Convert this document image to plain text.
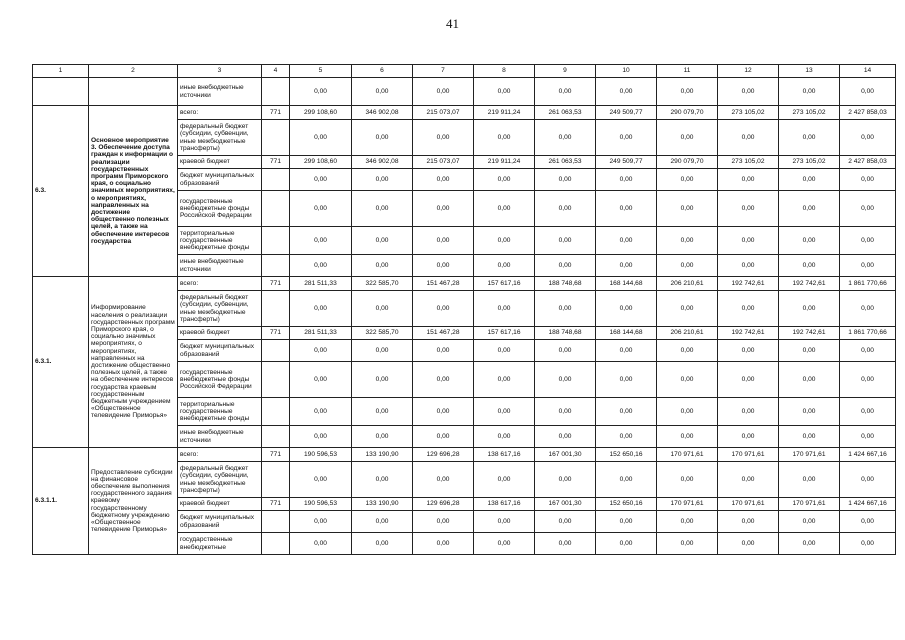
41
1	2	3	4	5	6	7	8	9	10	11	12	13	14
		иные внебюджетные источники		0,00	0,00	0,00	0,00	0,00	0,00	0,00	0,00	0,00	0,00
6.3.	Основное мероприятие 3. Обеспечение доступа граждан к информации о реализации государственных программ Приморского края, о социально значимых мероприятиях, о мероприятиях, направленных на достижение общественно полезных целей, а также на обеспечение интересов государства	всего:	771	299 108,60	346 902,08	215 073,07	219 911,24	261 063,53	249 509,77	290 079,70	273 105,02	273 105,02	2 427 858,03
		федеральный бюджет (субсидии, субвенции, иные межбюджетные трансферты)		0,00	0,00	0,00	0,00	0,00	0,00	0,00	0,00	0,00	0,00
		краевой бюджет	771	299 108,60	346 902,08	215 073,07	219 911,24	261 063,53	249 509,77	290 079,70	273 105,02	273 105,02	2 427 858,03
		бюджет муниципальных образований		0,00	0,00	0,00	0,00	0,00	0,00	0,00	0,00	0,00	0,00
		государственные внебюджетные фонды Российской Федерации		0,00	0,00	0,00	0,00	0,00	0,00	0,00	0,00	0,00	0,00
		территориальные государственные внебюджетные фонды		0,00	0,00	0,00	0,00	0,00	0,00	0,00	0,00	0,00	0,00
		иные внебюджетные источники		0,00	0,00	0,00	0,00	0,00	0,00	0,00	0,00	0,00	0,00
6.3.1.	Информирование населения о реализации государственных программ Приморского края, о социально значимых мероприятиях, о мероприятиях, направленных на достижение общественно полезных целей, а также на обеспечение интересов государства краевым государственным бюджетным учреждением «Общественное телевидение Приморья»	всего:	771	281 511,33	322 585,70	151 467,28	157 617,16	188 748,68	168 144,68	206 210,61	192 742,61	192 742,61	1 861 770,66
		федеральный бюджет (субсидии, субвенции, иные межбюджетные трансферты)		0,00	0,00	0,00	0,00	0,00	0,00	0,00	0,00	0,00	0,00
		краевой бюджет	771	281 511,33	322 585,70	151 467,28	157 617,16	188 748,68	168 144,68	206 210,61	192 742,61	192 742,61	1 861 770,66
		бюджет муниципальных образований		0,00	0,00	0,00	0,00	0,00	0,00	0,00	0,00	0,00	0,00
		государственные внебюджетные фонды Российской Федерации		0,00	0,00	0,00	0,00	0,00	0,00	0,00	0,00	0,00	0,00
		территориальные государственные внебюджетные фонды		0,00	0,00	0,00	0,00	0,00	0,00	0,00	0,00	0,00	0,00
		иные внебюджетные источники		0,00	0,00	0,00	0,00	0,00	0,00	0,00	0,00	0,00	0,00
6.3.1.1.	Предоставление субсидии на финансовое обеспечение выполнения государственного задания краевому государственному бюджетному учреждению «Общественное телевидение Приморья»	всего:	771	190 596,53	133 190,90	129 696,28	138 617,16	167 001,30	152 650,16	170 971,61	170 971,61	170 971,61	1 424 667,16
		федеральный бюджет (субсидии, субвенции, иные межбюджетные трансферты)		0,00	0,00	0,00	0,00	0,00	0,00	0,00	0,00	0,00	0,00
		краевой бюджет	771	190 596,53	133 190,90	129 696,28	138 617,16	167 001,30	152 650,16	170 971,61	170 971,61	170 971,61	1 424 667,16
		бюджет муниципальных образований		0,00	0,00	0,00	0,00	0,00	0,00	0,00	0,00	0,00	0,00
		государственные внебюджетные		0,00	0,00	0,00	0,00	0,00	0,00	0,00	0,00	0,00	0,00
